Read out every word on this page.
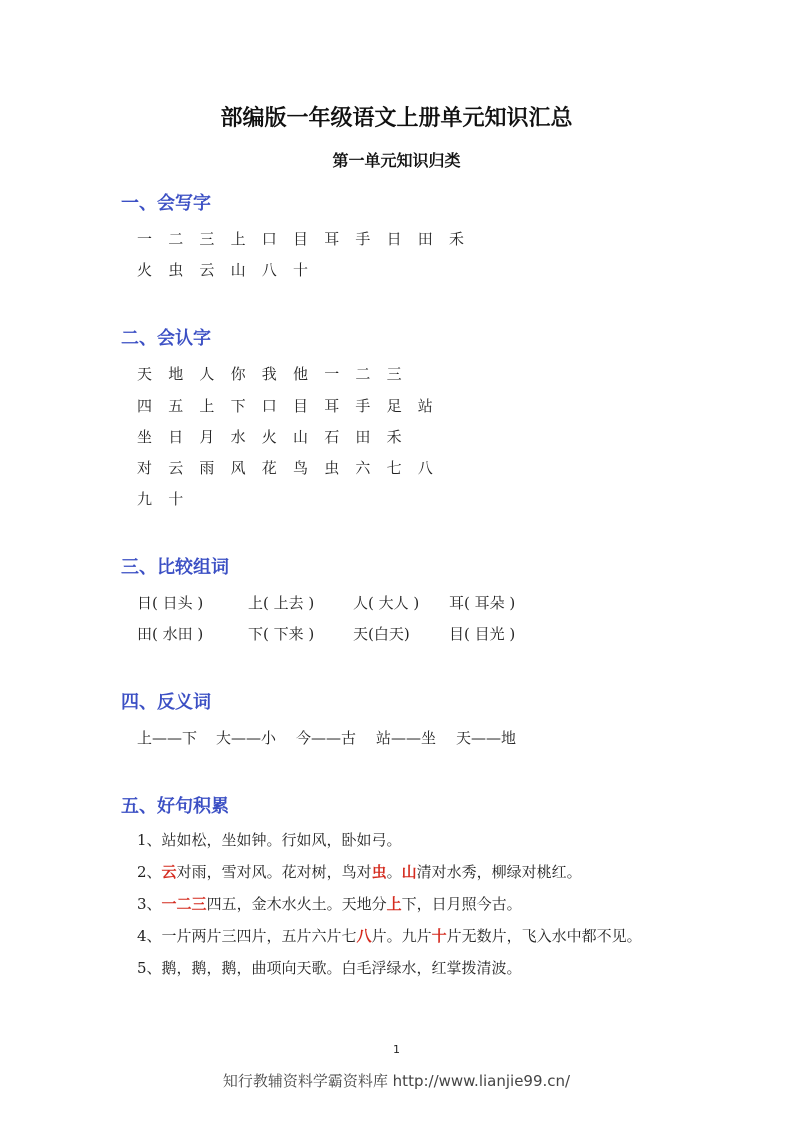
部编版一年级语文上册单元知识汇总
第一单元知识归类
一、会写字
一	二	三	上	口	目	耳	手	日	田	禾
火	虫	云	山	八	十
二、会认字
天	地	人	你	我	他	一	二	三
四	五	上	下	口	目	耳	手	足	站
坐	日	月	水	火	山	石	田	禾
对	云	雨	风	花	鸟	虫	六	七	八
九	十
三、比较组词
日( 日头 )	上( 上去 )	人( 大人 ) 耳( 耳朵 )
田( 水田 )	下( 下来 )	天(白天)	目( 目光 )
四、反义词
上——下 大——小 今——古 站——坐 天——地
五、好句积累
1、站如松，坐如钟。行如风，卧如弓。
2、云对雨，雪对风。花对树，鸟对虫。山清对水秀，柳绿对桃红。
3、一二三四五，金木水火土。天地分上下，日月照今古。
4、一片两片三四片，五片六片七八片。九片十片无数片，飞入水中都不见。
5、鹅，鹅，鹅，曲项向天歌。白毛浮绿水，红掌拨清波。
1
知行教辅资料学霸资料库 http://www.lianjie99.cn/
